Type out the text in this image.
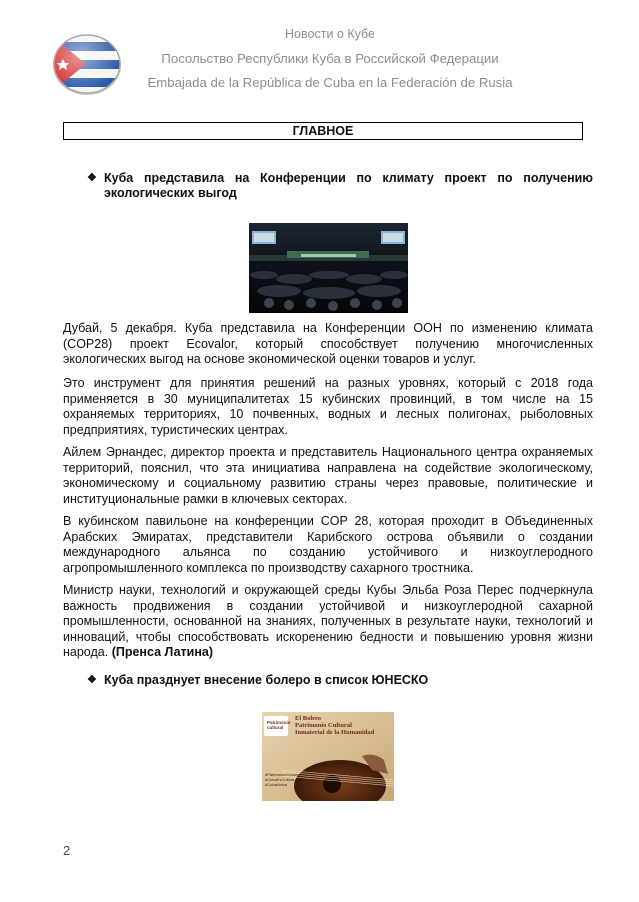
Новости о Кубе
Посольство Республики Куба в Российской Федерации
Embajada de la República de Cuba en la Federación de Rusia
ГЛАВНОЕ
❖ Куба представила на Конференции по климату проект по получению экологических выгод

Дубай, 5 декабря. Куба представила на Конференции ООН по изменению климата (COP28) проект Ecovalor, который способствует получению многочисленных экологических выгод на основе экономической оценки товаров и услуг.

Это инструмент для принятия решений на разных уровнях, который с 2018 года применяется в 30 муниципалитетах 15 кубинских провинций, в том числе на 15 охраняемых территориях, 10 почвенных, водных и лесных полигонах, рыболовных предприятиях, туристических центрах.

Айлем Эрнандес, директор проекта и представитель Национального центра охраняемых территорий, пояснил, что эта инициатива направлена на содействие экологическому, экономическому и социальному развитию страны через правовые, политические и институциональные рамки в ключевых секторах.

В кубинском павильоне на конференции COP 28, которая проходит в Объединенных Арабских Эмиратах, представители Карибского острова объявили о создании международного альянса по созданию устойчивого и низкоуглеродного агропромышленного комплекса по производству сахарного тростника.

Министр науки, технологий и окружающей среды Кубы Эльба Роза Перес подчеркнула важность продвижения в создании устойчивой и низкоуглеродной сахарной промышленности, основанной на знаниях, полученных в результате науки, технологий и инноваций, чтобы способствовать искоренению бедности и повышению уровня жизни народа. (Пренса Латина)

❖ Куба празднует внесение болеро в список ЮНЕСКО
Patrimonio
cultural
El Bolero
Patrimonio Cultural
Inmaterial de la Humanidad
#PatrimonioCubano
#CubaEsCultura
#CubaUnica
2
